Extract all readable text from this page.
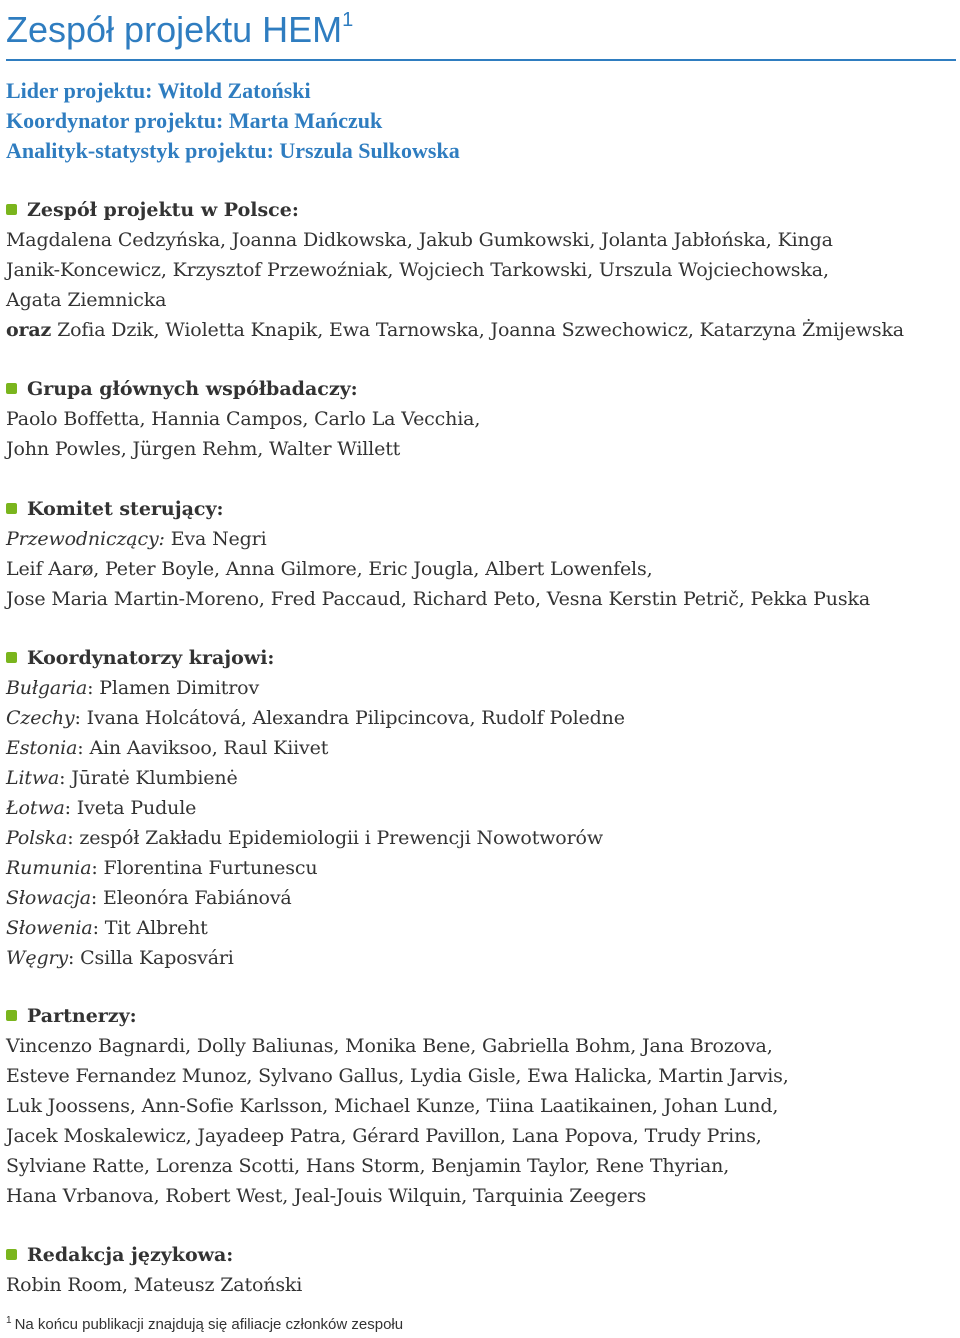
Zespół projektu HEM$^1$
Lider projektu: Witold Zatoński
Koordynator projektu: Marta Mańczuk
Analityk-statystyk projektu: Urszula Sulkowska
Zespół projektu w Polsce:
Magdalena Cedzyńska, Joanna Didkowska, Jakub Gumkowski, Jolanta Jabłońska, Kinga
Janik-Koncewicz, Krzysztof Przewoźniak, Wojciech Tarkowski, Urszula Wojciechowska,
Agata Ziemnicka
oraz Zofia Dzik, Wioletta Knapik, Ewa Tarnowska, Joanna Szwechowicz, Katarzyna Żmijewska
Grupa głównych współbadaczy:
Paolo Boffetta, Hannia Campos, Carlo La Vecchia,
John Powles, Jürgen Rehm, Walter Willett
Komitet sterujący:
Przewodniczący: Eva Negri
Leif Aarø, Peter Boyle, Anna Gilmore, Eric Jougla, Albert Lowenfels,
Jose Maria Martin-Moreno, Fred Paccaud, Richard Peto, Vesna Kerstin Petrič, Pekka Puska
Koordynatorzy krajowi:
Bułgaria: Plamen Dimitrov
Czechy: Ivana Holcátová, Alexandra Pilipcincova, Rudolf Poledne
Estonia: Ain Aaviksoo, Raul Kiivet
Litwa: Jūratė Klumbienė
Łotwa: Iveta Pudule
Polska: zespół Zakładu Epidemiologii i Prewencji Nowotworów
Rumunia: Florentina Furtunescu
Słowacja: Eleonóra Fabiánová
Słowenia: Tit Albreht
Węgry: Csilla Kaposvári
Partnerzy:
Vincenzo Bagnardi, Dolly Baliunas, Monika Bene, Gabriella Bohm, Jana Brozova,
Esteve Fernandez Munoz, Sylvano Gallus, Lydia Gisle, Ewa Halicka, Martin Jarvis,
Luk Joossens, Ann-Sofie Karlsson, Michael Kunze, Tiina Laatikainen, Johan Lund,
Jacek Moskalewicz, Jayadeep Patra, Gérard Pavillon, Lana Popova, Trudy Prins,
Sylviane Ratte, Lorenza Scotti, Hans Storm, Benjamin Taylor, Rene Thyrian,
Hana Vrbanova, Robert West, Jeal-Jouis Wilquin, Tarquinia Zeegers
Redakcja językowa:
Robin Room, Mateusz Zatoński
$^1$ Na końcu publikacji znajdują się afiliacje członków zespołu
